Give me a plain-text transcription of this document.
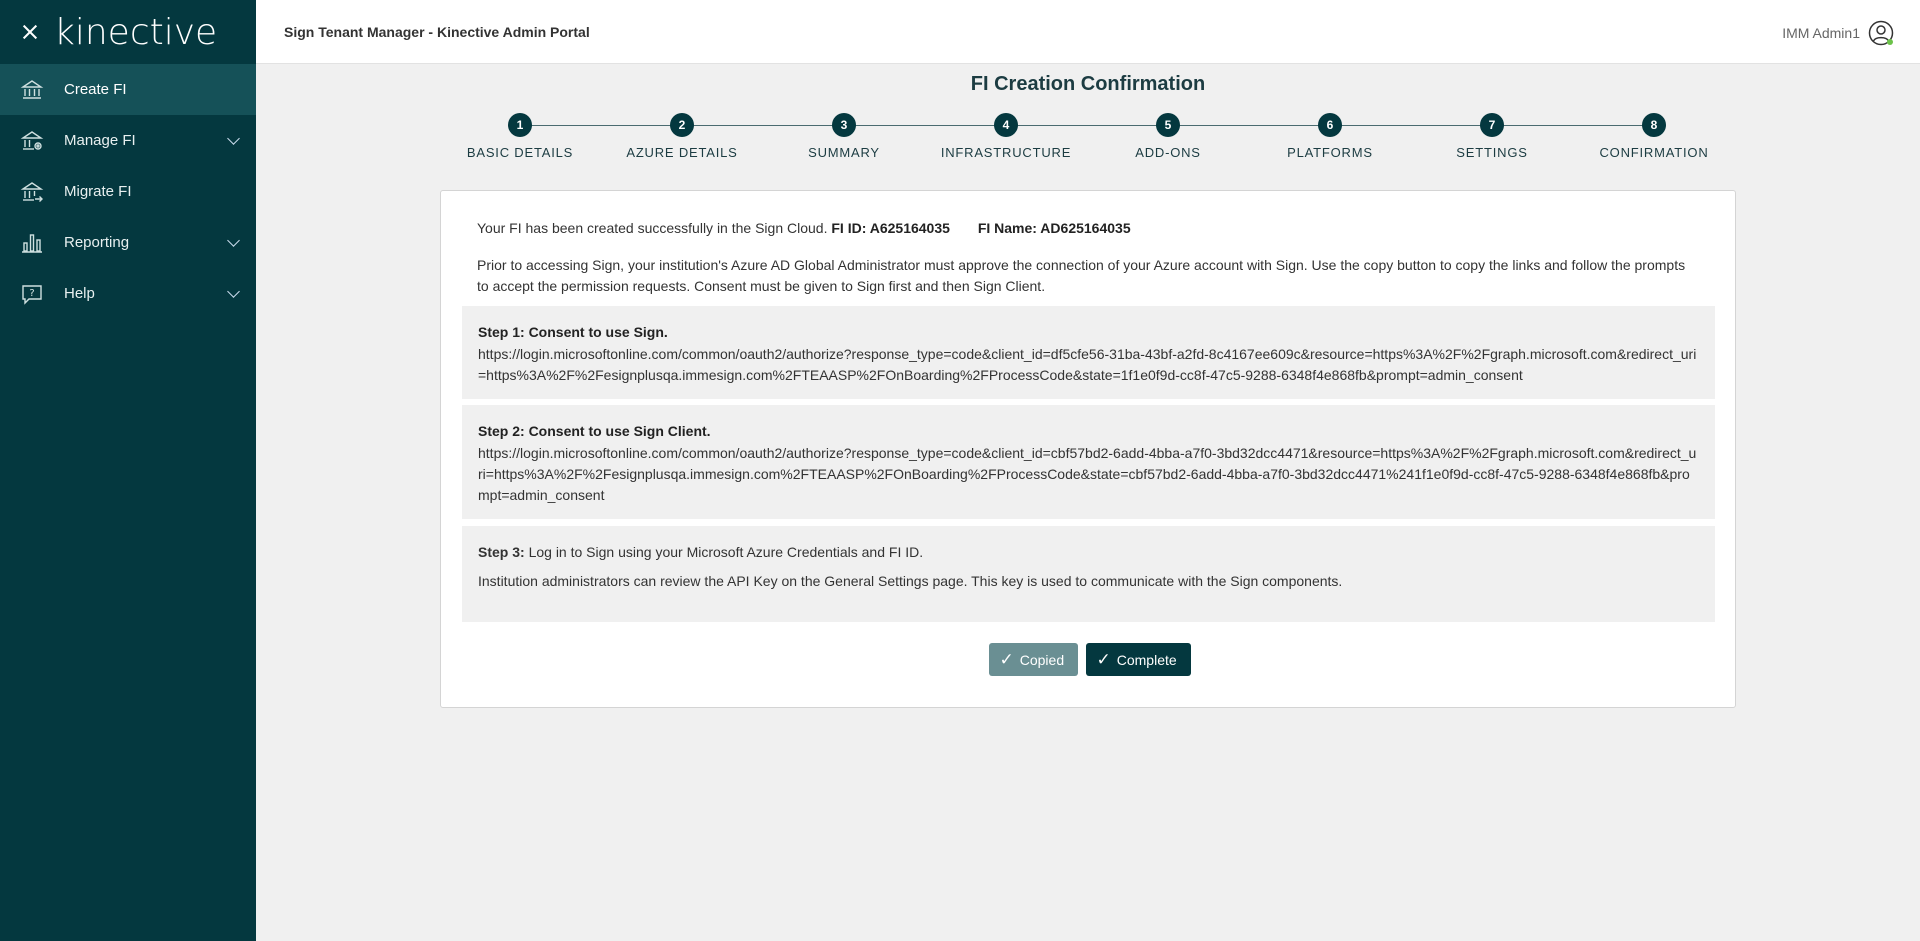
kinective
Create FI
Manage FI
Migrate FI
Reporting
? Help
Sign Tenant Manager - Kinective Admin Portal	IMM Admin1
FI Creation Confirmation
1
BASIC DETAILS
2
AZURE DETAILS
3
SUMMARY
4
INFRASTRUCTURE
5
ADD-ONS
6
PLATFORMS
7
SETTINGS
8
CONFIRMATION
Your FI has been created successfully in the Sign Cloud. FI ID: A625164035 FI Name: AD625164035
Prior to accessing Sign, your institution's Azure AD Global Administrator must approve the connection of your Azure account with Sign. Use the copy button to copy the links and follow the prompts to accept the permission requests. Consent must be given to Sign first and then Sign Client.
Step 1: Consent to use Sign.
https://login.microsoftonline.com/common/oauth2/authorize?response_type=code&client_id=df5cfe56-31ba-43bf-a2fd-8c4167ee609c&resource=https%3A%2F%2Fgraph.microsoft.com&redirect_uri=https%3A%2F%2Fesignplusqa.immesign.com%2FTEAASP%2FOnBoarding%2FProcessCode&state=1f1e0f9d-cc8f-47c5-9288-6348f4e868fb&prompt=admin_consent
Step 2: Consent to use Sign Client.
https://login.microsoftonline.com/common/oauth2/authorize?response_type=code&client_id=cbf57bd2-6add-4bba-a7f0-3bd32dcc4471&resource=https%3A%2F%2Fgraph.microsoft.com&redirect_uri=https%3A%2F%2Fesignplusqa.immesign.com%2FTEAASP%2FOnBoarding%2FProcessCode&state=cbf57bd2-6add-4bba-a7f0-3bd32dcc4471%241f1e0f9d-cc8f-47c5-9288-6348f4e868fb&prompt=admin_consent
Step 3: Log in to Sign using your Microsoft Azure Credentials and FI ID.
Institution administrators can review the API Key on the General Settings page. This key is used to communicate with the Sign components.
✓ Copied ✓ Complete
